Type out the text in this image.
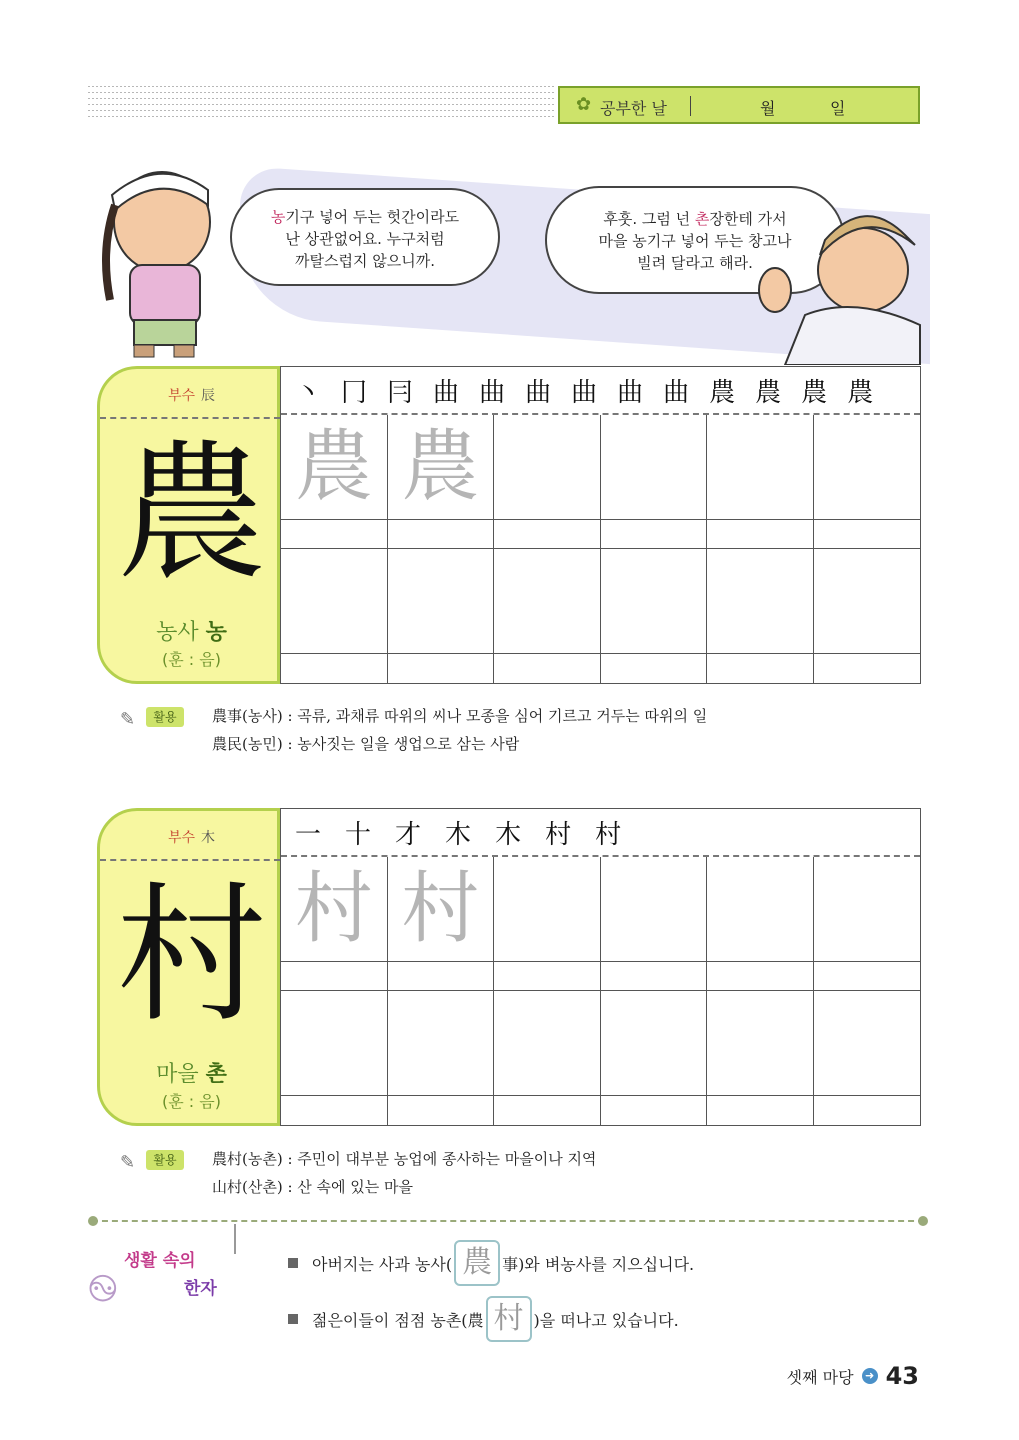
✿ 공부한 날	월	일
농기구 넣어 두는 헛간이라도
난 상관없어요. 누구처럼
까탈스럽지 않으니까.
후훗. 그럼 넌 촌장한테 가서
마을 농기구 넣어 두는 창고나
빌려 달라고 해라.
부수 辰
農
농사 농
(훈 : 음)
丶 冂 冃 曲 曲 曲 曲 曲 曲 農 農 農 農
農 農
✎	활용	農事(농사) : 곡류, 과채류 따위의 씨나 모종을 심어 기르고 거두는 따위의 일
農民(농민) : 농사짓는 일을 생업으로 삼는 사람
부수 木
村
마을 촌
(훈 : 음)
一 十 才 木 木 村 村
村 村
✎	활용	農村(농촌) : 주민이 대부분 농업에 종사하는 마을이나 지역
山村(산촌) : 산 속에 있는 마을
࿊
생활 속의
한자
아버지는 사과 농사( 農 事)와 벼농사를 지으십니다.
젊은이들이 점점 농촌(農 村 )을 떠나고 있습니다.
셋째 마당	➜ 43
